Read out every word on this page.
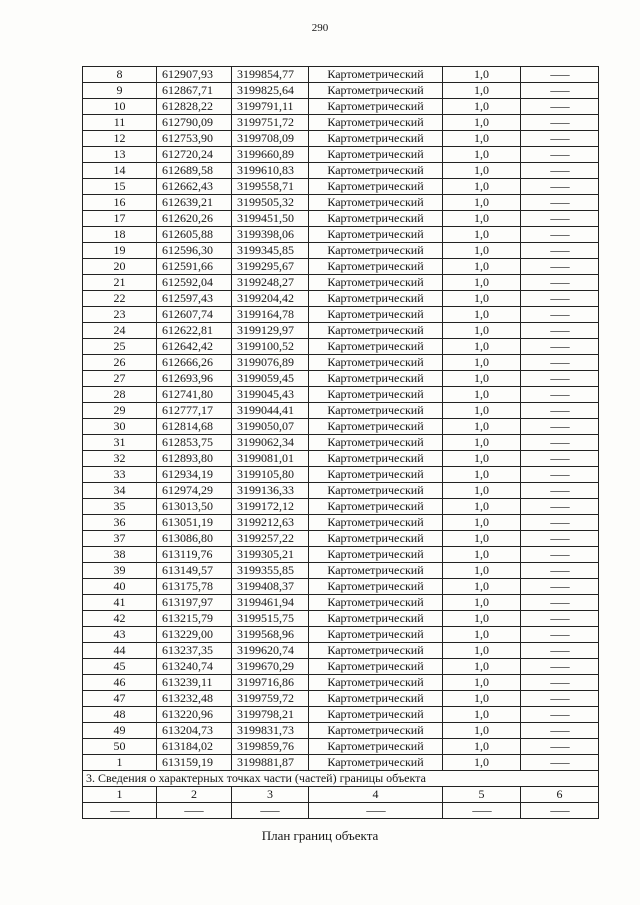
290
8	612907,93	3199854,77	Картометрический	1,0	—
9	612867,71	3199825,64	Картометрический	1,0	—
10	612828,22	3199791,11	Картометрический	1,0	—
11	612790,09	3199751,72	Картометрический	1,0	—
12	612753,90	3199708,09	Картометрический	1,0	—
13	612720,24	3199660,89	Картометрический	1,0	—
14	612689,58	3199610,83	Картометрический	1,0	—
15	612662,43	3199558,71	Картометрический	1,0	—
16	612639,21	3199505,32	Картометрический	1,0	—
17	612620,26	3199451,50	Картометрический	1,0	—
18	612605,88	3199398,06	Картометрический	1,0	—
19	612596,30	3199345,85	Картометрический	1,0	—
20	612591,66	3199295,67	Картометрический	1,0	—
21	612592,04	3199248,27	Картометрический	1,0	—
22	612597,43	3199204,42	Картометрический	1,0	—
23	612607,74	3199164,78	Картометрический	1,0	—
24	612622,81	3199129,97	Картометрический	1,0	—
25	612642,42	3199100,52	Картометрический	1,0	—
26	612666,26	3199076,89	Картометрический	1,0	—
27	612693,96	3199059,45	Картометрический	1,0	—
28	612741,80	3199045,43	Картометрический	1,0	—
29	612777,17	3199044,41	Картометрический	1,0	—
30	612814,68	3199050,07	Картометрический	1,0	—
31	612853,75	3199062,34	Картометрический	1,0	—
32	612893,80	3199081,01	Картометрический	1,0	—
33	612934,19	3199105,80	Картометрический	1,0	—
34	612974,29	3199136,33	Картометрический	1,0	—
35	613013,50	3199172,12	Картометрический	1,0	—
36	613051,19	3199212,63	Картометрический	1,0	—
37	613086,80	3199257,22	Картометрический	1,0	—
38	613119,76	3199305,21	Картометрический	1,0	—
39	613149,57	3199355,85	Картометрический	1,0	—
40	613175,78	3199408,37	Картометрический	1,0	—
41	613197,97	3199461,94	Картометрический	1,0	—
42	613215,79	3199515,75	Картометрический	1,0	—
43	613229,00	3199568,96	Картометрический	1,0	—
44	613237,35	3199620,74	Картометрический	1,0	—
45	613240,74	3199670,29	Картометрический	1,0	—
46	613239,11	3199716,86	Картометрический	1,0	—
47	613232,48	3199759,72	Картометрический	1,0	—
48	613220,96	3199798,21	Картометрический	1,0	—
49	613204,73	3199831,73	Картометрический	1,0	—
50	613184,02	3199859,76	Картометрический	1,0	—
1	613159,19	3199881,87	Картометрический	1,0	—
3. Сведения о характерных точках части (частей) границы объекта					
1	2	3	4	5	6
—	—	—	—	—	—
План границ объекта
